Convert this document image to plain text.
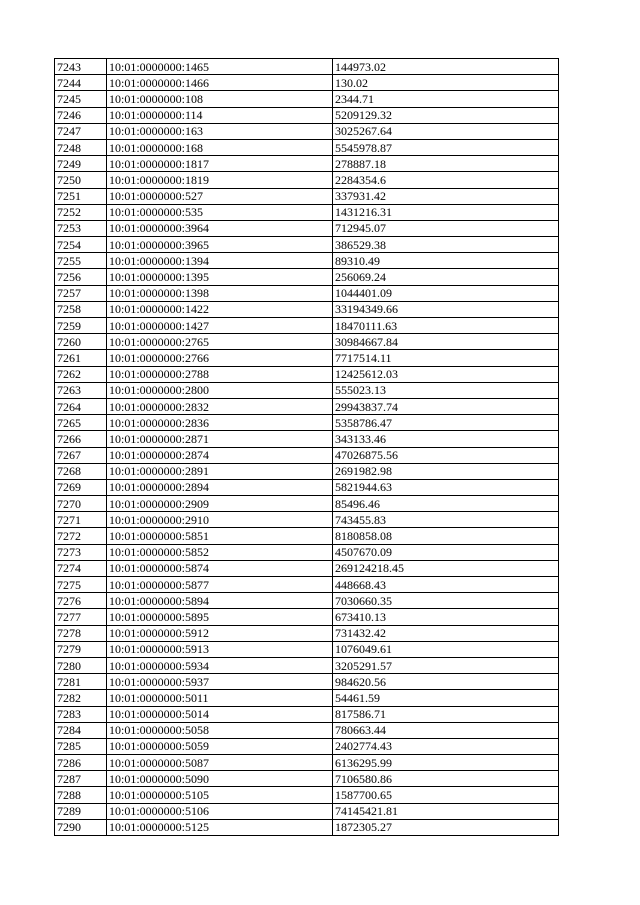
7243	10:01:0000000:1465	144973.02
7244	10:01:0000000:1466	130.02
7245	10:01:0000000:108	2344.71
7246	10:01:0000000:114	5209129.32
7247	10:01:0000000:163	3025267.64
7248	10:01:0000000:168	5545978.87
7249	10:01:0000000:1817	278887.18
7250	10:01:0000000:1819	2284354.6
7251	10:01:0000000:527	337931.42
7252	10:01:0000000:535	1431216.31
7253	10:01:0000000:3964	712945.07
7254	10:01:0000000:3965	386529.38
7255	10:01:0000000:1394	89310.49
7256	10:01:0000000:1395	256069.24
7257	10:01:0000000:1398	1044401.09
7258	10:01:0000000:1422	33194349.66
7259	10:01:0000000:1427	18470111.63
7260	10:01:0000000:2765	30984667.84
7261	10:01:0000000:2766	7717514.11
7262	10:01:0000000:2788	12425612.03
7263	10:01:0000000:2800	555023.13
7264	10:01:0000000:2832	29943837.74
7265	10:01:0000000:2836	5358786.47
7266	10:01:0000000:2871	343133.46
7267	10:01:0000000:2874	47026875.56
7268	10:01:0000000:2891	2691982.98
7269	10:01:0000000:2894	5821944.63
7270	10:01:0000000:2909	85496.46
7271	10:01:0000000:2910	743455.83
7272	10:01:0000000:5851	8180858.08
7273	10:01:0000000:5852	4507670.09
7274	10:01:0000000:5874	269124218.45
7275	10:01:0000000:5877	448668.43
7276	10:01:0000000:5894	7030660.35
7277	10:01:0000000:5895	673410.13
7278	10:01:0000000:5912	731432.42
7279	10:01:0000000:5913	1076049.61
7280	10:01:0000000:5934	3205291.57
7281	10:01:0000000:5937	984620.56
7282	10:01:0000000:5011	54461.59
7283	10:01:0000000:5014	817586.71
7284	10:01:0000000:5058	780663.44
7285	10:01:0000000:5059	2402774.43
7286	10:01:0000000:5087	6136295.99
7287	10:01:0000000:5090	7106580.86
7288	10:01:0000000:5105	1587700.65
7289	10:01:0000000:5106	74145421.81
7290	10:01:0000000:5125	1872305.27
